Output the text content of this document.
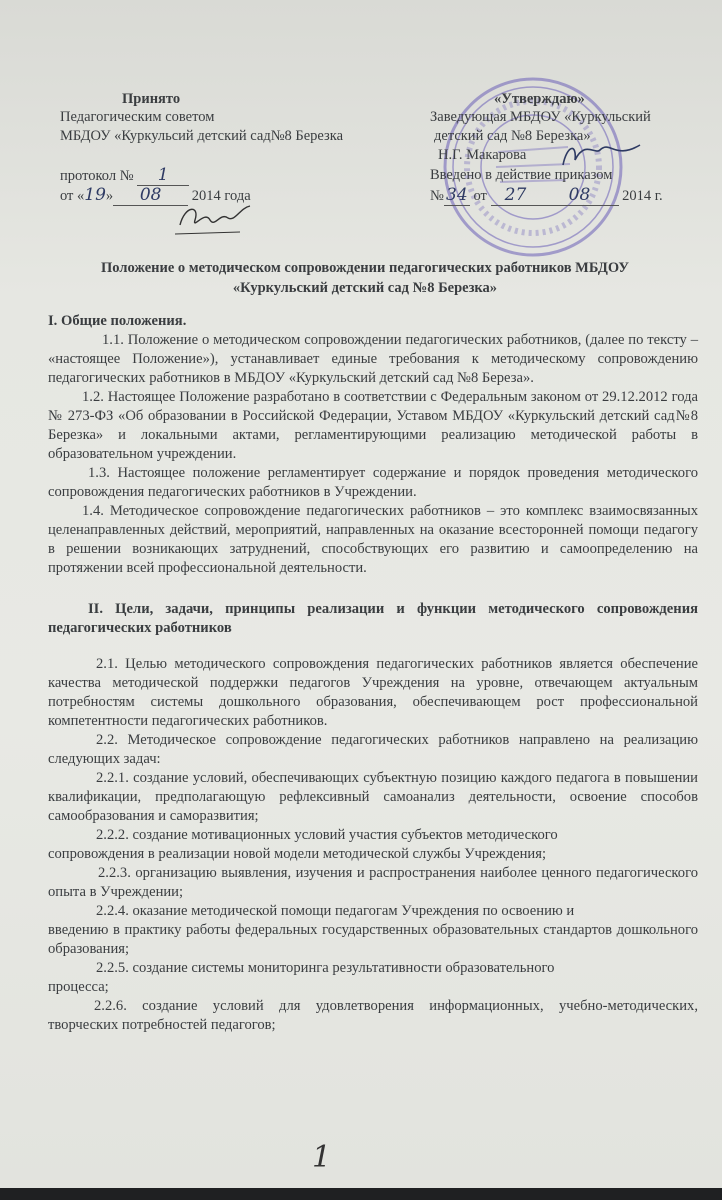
Принято
Педагогическим советом
МБДОУ «Куркульсий детский сад№8 Березка
протокол № 1
от «19» 08 2014 года
«Утверждаю»
Заведующая МБДОУ «Куркульский
детский сад №8 Березка»
Н.Г. Макарова
Введено в действие приказом
№ 34 от 27 08 2014 г.
Положение о методическом сопровождении педагогических работников МБДОУ
«Куркульский детский сад №8 Березка»

I. Общие положения.

1.1. Положение о методическом сопровождении педагогических работников, (далее по тексту – «настоящее Положение»), устанавливает единые требования к методическому сопровождению педагогических работников в МБДОУ «Куркульский детский сад №8 Береза».

1.2. Настоящее Положение разработано в соответствии с Федеральным законом от 29.12.2012 года № 273-ФЗ «Об образовании в Российской Федерации, Уставом МБДОУ «Куркульский детский сад№8 Березка» и локальными актами, регламентирующими реализацию методической работы в образовательном учреждении.

1.3. Настоящее положение регламентирует содержание и порядок проведения методического сопровождения педагогических работников в Учреждении.

1.4. Методическое сопровождение педагогических работников – это комплекс взаимосвязанных целенаправленных действий, мероприятий, направленных на оказание всесторонней помощи педагогу в решении возникающих затруднений, способствующих его развитию и самоопределению на протяжении всей профессиональной деятельности.

II. Цели, задачи, принципы реализации и функции методического сопровождения педагогических работников

2.1. Целью методического сопровождения педагогических работников является обеспечение качества методической поддержки педагогов Учреждения на уровне, отвечающем актуальным потребностям системы дошкольного образования, обеспечивающем рост профессиональной компетентности педагогических работников.

2.2. Методическое сопровождение педагогических работников направлено на реализацию следующих задач:

2.2.1. создание условий, обеспечивающих субъектную позицию каждого педагога в повышении квалификации, предполагающую рефлексивный самоанализ деятельности, освоение способов самообразования и саморазвития;

2.2.2. создание мотивационных условий участия субъектов методического
сопровождения в реализации новой модели методической службы Учреждения;

2.2.3. организацию выявления, изучения и распространения наиболее ценного педагогического опыта в Учреждении;

2.2.4. оказание методической помощи педагогам Учреждения по освоению и
введению в практику работы федеральных государственных образовательных стандартов дошкольного образования;

2.2.5. создание системы мониторинга результативности образовательного
процесса;

2.2.6. создание условий для удовлетворения информационных, учебно-методических, творческих потребностей педагогов;

1
